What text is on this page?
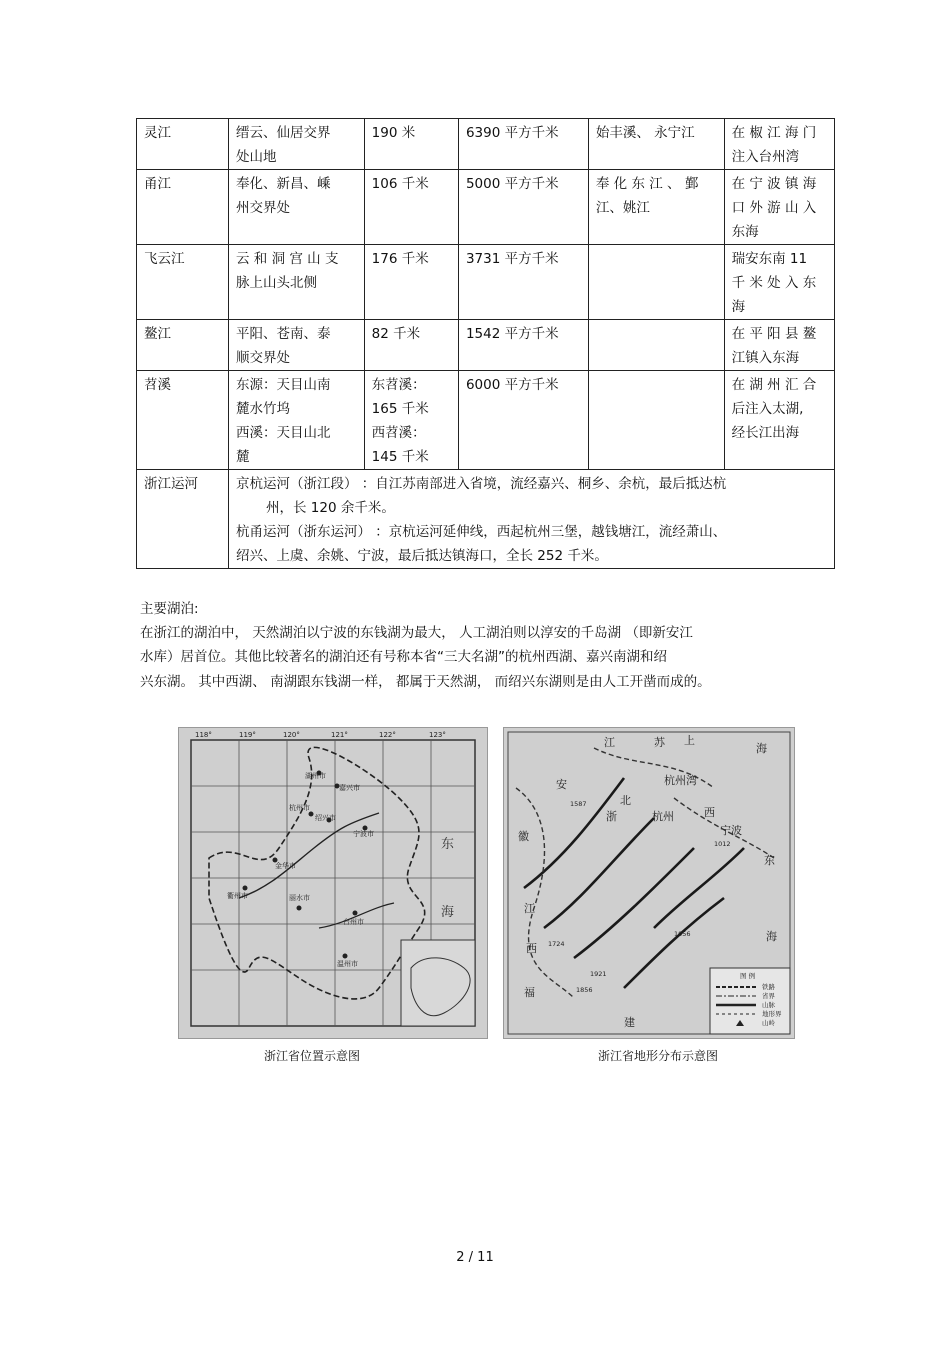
灵江	缙云、仙居交界
处山地	190 米	6390 平方千米	始丰溪、 永宁江	在 椒 江 海 门
注入台州湾

甬江	奉化、新昌、嵊
州交界处	106 千米	5000 平方千米	奉 化 东 江 、 鄞
江、姚江	在 宁 波 镇 海
口 外 游 山 入
东海

飞云江	云 和 洞 宫 山 支
脉上山头北侧	176 千米	3731 平方千米		瑞安东南 11
千 米 处 入 东
海

鳌江	平阳、苍南、泰
顺交界处	82 千米	1542 平方千米		在 平 阳 县 鳌
江镇入东海

苕溪	东源：天目山南
麓水竹坞
西溪：天目山北
麓	东苕溪：
165 千米
西苕溪：
145 千米	6000 平方千米		在 湖 州 汇 合
后注入太湖,
经长江出海

浙江运河	京杭运河（浙江段） ：自江苏南部进入省境，流经嘉兴、桐乡、余杭，最后抵达杭
州，长 120 余千米。
杭甬运河（浙东运河） ：京杭运河延伸线，西起杭州三堡，越钱塘江，流经萧山、
绍兴、上虞、余姚、宁波，最后抵达镇海口，全长 252 千米。				
主要湖泊:
在浙江的湖泊中， 天然湖泊以宁波的东钱湖为最大， 人工湖泊则以淳安的千岛湖 （即新安江
水库）居首位。其他比较著名的湖泊还有号称本省“三大名湖”的杭州西湖、嘉兴南湖和绍
兴东湖。 其中西湖、 南湖跟东钱湖一样， 都属于天然湖， 而绍兴东湖则是由人工开凿而成的。
118°	119°	120°	121°	122°	123°
湖州市
嘉兴市
杭州市
绍兴市
宁波市
金华市
衢州市	丽水市
台州市
温州市
东
海
浙江省位置示意图
江	苏 上
海
安
徽
浙
北
西
杭州湾
东
海
江
西
福
建
杭州
宁波
1587
1012
1056
1724
1921
1856
图 例
铁路
省界
山脉
地形界
山岭
浙江省地形分布示意图
2 / 11
